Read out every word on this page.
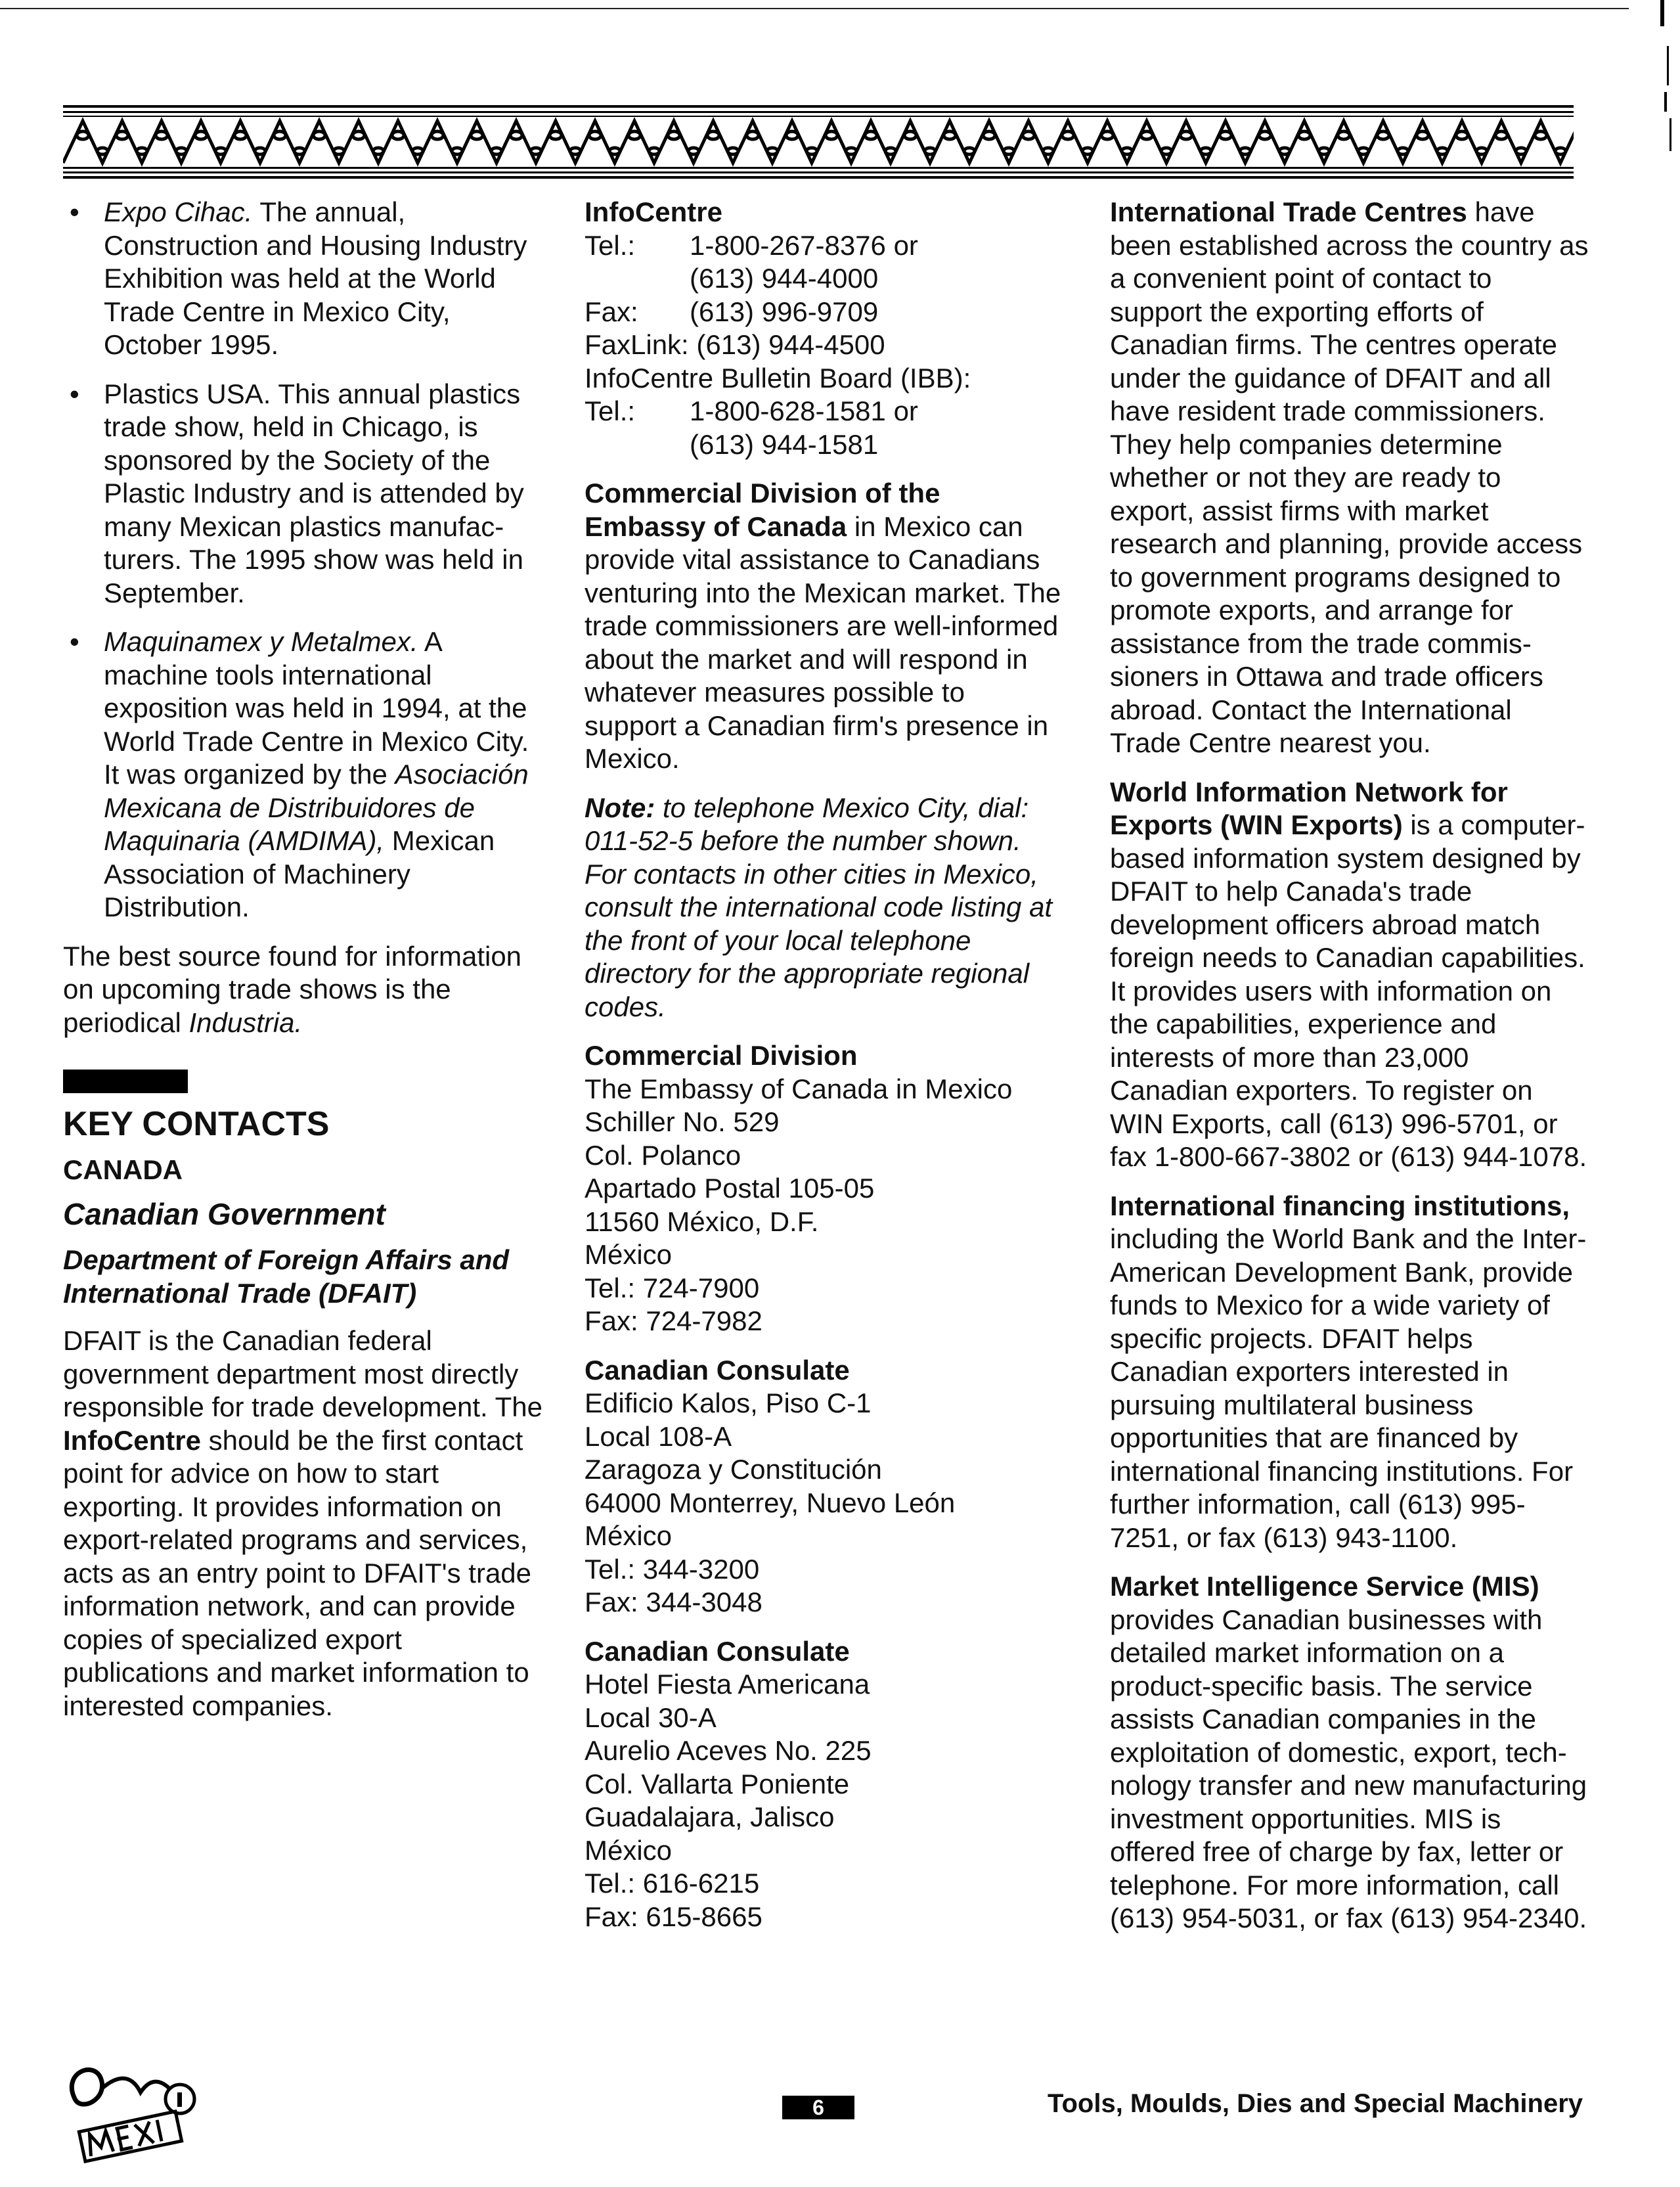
• Expo Cihac. The annual, Construction and Housing Industry Exhibition was held at the World Trade Centre in Mexico City, October 1995.
• Plastics USA. This annual plastics trade show, held in Chicago, is sponsored by the Society of the Plastic Industry and is attended by many Mexican plastics manufacturers. The 1995 show was held in September.
• Maquinamex y Metalmex. A machine tools international exposition was held in 1994, at the World Trade Centre in Mexico City. It was organized by the Asociación Mexicana de Distribuidores de Maquinaria (AMDIMA), Mexican Association of Machinery Distribution.

The best source found for information on upcoming trade shows is the periodical Industria.

KEY CONTACTS
CANADA
Canadian Government
Department of Foreign Affairs and International Trade (DFAIT)

DFAIT is the Canadian federal government department most directly responsible for trade development. The InfoCentre should be the first contact point for advice on how to start exporting. It provides information on export-related programs and services, acts as an entry point to DFAIT's trade information network, and can provide copies of specialized export publications and market information to interested companies.

InfoCentre
Tel.:	1-800-267-8376 or
(613) 944-4000
Fax:	(613) 996-9709
FaxLink: (613) 944-4500
InfoCentre Bulletin Board (IBB):
Tel.:	1-800-628-1581 or
(613) 944-1581

Commercial Division of the Embassy of Canada in Mexico can provide vital assistance to Canadians venturing into the Mexican market. The trade commissioners are well-informed about the market and will respond in whatever measures possible to support a Canadian firm's presence in Mexico.

Note: to telephone Mexico City, dial: 011-52-5 before the number shown. For contacts in other cities in Mexico, consult the international code listing at the front of your local telephone directory for the appropriate regional codes.

Commercial Division
The Embassy of Canada in Mexico
Schiller No. 529
Col. Polanco
Apartado Postal 105-05
11560 México, D.F.
México
Tel.: 724-7900
Fax: 724-7982
Canadian Consulate
Edificio Kalos, Piso C-1
Local 108-A
Zaragoza y Constitución
64000 Monterrey, Nuevo León
México
Tel.: 344-3200
Fax: 344-3048
Canadian Consulate
Hotel Fiesta Americana
Local 30-A
Aurelio Aceves No. 225
Col. Vallarta Poniente
Guadalajara, Jalisco
México
Tel.: 616-6215
Fax: 615-8665

International Trade Centres have been established across the country as a convenient point of contact to support the exporting efforts of Canadian firms. The centres operate under the guidance of DFAIT and all have resident trade commissioners. They help companies determine whether or not they are ready to export, assist firms with market research and planning, provide access to government programs designed to promote exports, and arrange for assistance from the trade commissioners in Ottawa and trade officers abroad. Contact the International Trade Centre nearest you.

World Information Network for Exports (WIN Exports) is a computer-based information system designed by DFAIT to help Canada's trade development officers abroad match foreign needs to Canadian capabilities. It provides users with information on the capabilities, experience and interests of more than 23,000 Canadian exporters. To register on WIN Exports, call (613) 996-5701, or fax 1-800-667-3802 or (613) 944-1078.

International financing institutions, including the World Bank and the Inter-American Development Bank, provide funds to Mexico for a wide variety of specific projects. DFAIT helps Canadian exporters interested in pursuing multilateral business opportunities that are financed by international financing institutions. For further information, call (613) 995-7251, or fax (613) 943-1100.

Market Intelligence Service (MIS) provides Canadian businesses with detailed market information on a product-specific basis. The service assists Canadian companies in the exploitation of domestic, export, technology transfer and new manufacturing investment opportunities. MIS is offered free of charge by fax, letter or telephone. For more information, call (613) 954-5031, or fax (613) 954-2340.

6	Tools, Moulds, Dies and Special Machinery
